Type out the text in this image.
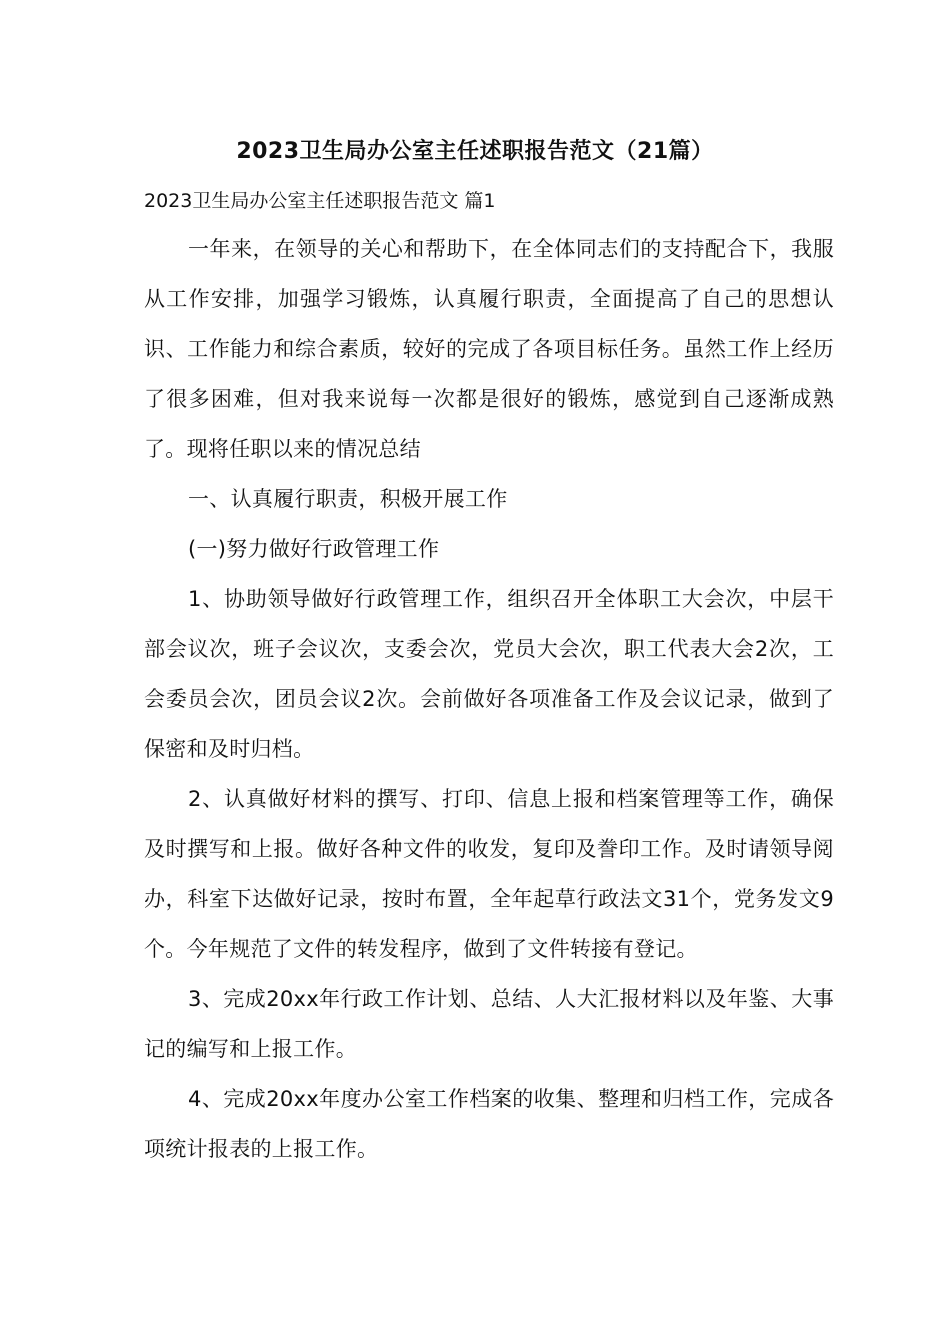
2023卫生局办公室主任述职报告范文（21篇）
2023卫生局办公室主任述职报告范文 篇1

一年来，在领导的关心和帮助下，在全体同志们的支持配合下，我服从工作安排，加强学习锻炼，认真履行职责，全面提高了自己的思想认识、工作能力和综合素质，较好的完成了各项目标任务。虽然工作上经历了很多困难，但对我来说每一次都是很好的锻炼，感觉到自己逐渐成熟了。现将任职以来的情况总结

一、认真履行职责，积极开展工作

(一)努力做好行政管理工作

1、协助领导做好行政管理工作，组织召开全体职工大会次，中层干部会议次，班子会议次，支委会次，党员大会次，职工代表大会2次，工会委员会次，团员会议2次。会前做好各项准备工作及会议记录，做到了保密和及时归档。

2、认真做好材料的撰写、打印、信息上报和档案管理等工作，确保及时撰写和上报。做好各种文件的收发，复印及誊印工作。及时请领导阅办，科室下达做好记录，按时布置，全年起草行政法文31个，党务发文9个。今年规范了文件的转发程序，做到了文件转接有登记。

3、完成20xx年行政工作计划、总结、人大汇报材料以及年鉴、大事记的编写和上报工作。

4、完成20xx年度办公室工作档案的收集、整理和归档工作，完成各项统计报表的上报工作。
